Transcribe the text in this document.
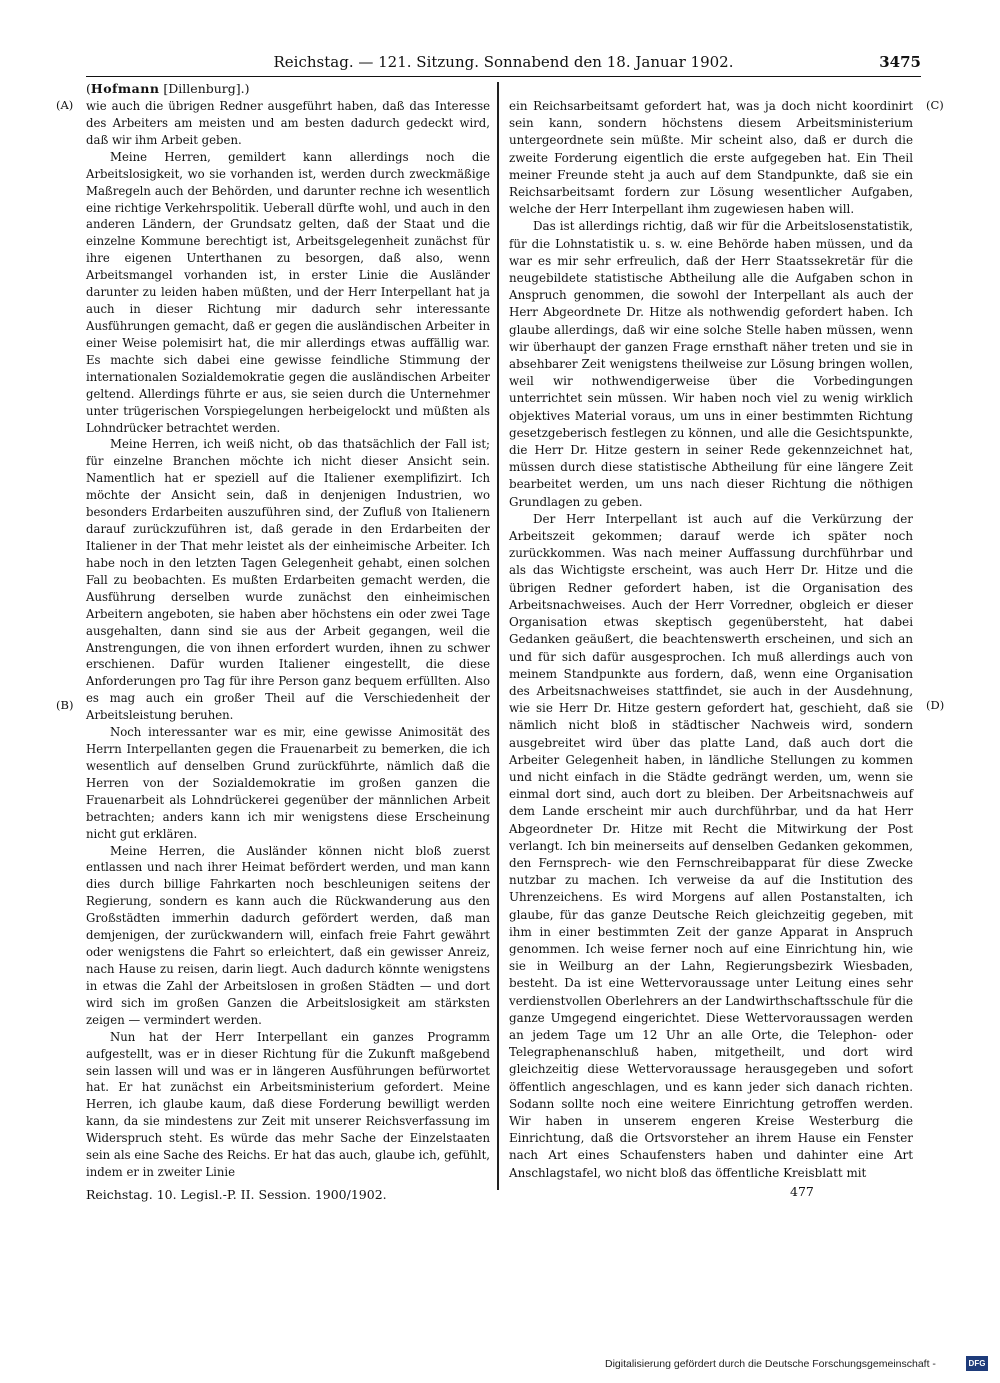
Reichstag. — 121. Sitzung. Sonnabend den 18. Januar 1902.	3475
(Hofmann [Dillenburg].)
(A)
(B)
(C)
(D)

wie auch die übrigen Redner ausgeführt haben, daß das Interesse des Arbeiters am meisten und am besten dadurch gedeckt wird, daß wir ihm Arbeit geben.

Meine Herren, gemildert kann allerdings noch die Arbeitslosigkeit, wo sie vorhanden ist, werden durch zweckmäßige Maßregeln auch der Behörden, und darunter rechne ich wesentlich eine richtige Verkehrspolitik. Ueberall dürfte wohl, und auch in den anderen Ländern, der Grundsatz gelten, daß der Staat und die einzelne Kommune berechtigt ist, Arbeitsgelegenheit zunächst für ihre eigenen Unterthanen zu besorgen, daß also, wenn Arbeitsmangel vorhanden ist, in erster Linie die Ausländer darunter zu leiden haben müßten, und der Herr Interpellant hat ja auch in dieser Richtung mir dadurch sehr interessante Ausführungen gemacht, daß er gegen die ausländischen Arbeiter in einer Weise polemisirt hat, die mir allerdings etwas auffällig war. Es machte sich dabei eine gewisse feindliche Stimmung der internationalen Sozialdemokratie gegen die ausländischen Arbeiter geltend. Allerdings führte er aus, sie seien durch die Unternehmer unter trügerischen Vorspiegelungen herbeigelockt und müßten als Lohndrücker betrachtet werden.

Meine Herren, ich weiß nicht, ob das thatsächlich der Fall ist; für einzelne Branchen möchte ich nicht dieser Ansicht sein. Namentlich hat er speziell auf die Italiener exemplifizirt. Ich möchte der Ansicht sein, daß in denjenigen Industrien, wo besonders Erdarbeiten auszuführen sind, der Zufluß von Italienern darauf zurückzuführen ist, daß gerade in den Erdarbeiten der Italiener in der That mehr leistet als der einheimische Arbeiter. Ich habe noch in den letzten Tagen Gelegenheit gehabt, einen solchen Fall zu beobachten. Es mußten Erdarbeiten gemacht werden, die Ausführung derselben wurde zunächst den einheimischen Arbeitern angeboten, sie haben aber höchstens ein oder zwei Tage ausgehalten, dann sind sie aus der Arbeit gegangen, weil die Anstrengungen, die von ihnen erfordert wurden, ihnen zu schwer erschienen. Dafür wurden Italiener eingestellt, die diese Anforderungen pro Tag für ihre Person ganz bequem erfüllten. Also es mag auch ein großer Theil auf die Verschiedenheit der Arbeitsleistung beruhen.

Noch interessanter war es mir, eine gewisse Animosität des Herrn Interpellanten gegen die Frauenarbeit zu bemerken, die ich wesentlich auf denselben Grund zurückführte, nämlich daß die Herren von der Sozialdemokratie im großen ganzen die Frauenarbeit als Lohndrückerei gegenüber der männlichen Arbeit betrachten; anders kann ich mir wenigstens diese Erscheinung nicht gut erklären.

Meine Herren, die Ausländer können nicht bloß zuerst entlassen und nach ihrer Heimat befördert werden, und man kann dies durch billige Fahrkarten noch beschleunigen seitens der Regierung, sondern es kann auch die Rückwanderung aus den Großstädten immerhin dadurch gefördert werden, daß man demjenigen, der zurückwandern will, einfach freie Fahrt gewährt oder wenigstens die Fahrt so erleichtert, daß ein gewisser Anreiz, nach Hause zu reisen, darin liegt. Auch dadurch könnte wenigstens in etwas die Zahl der Arbeitslosen in großen Städten — und dort wird sich im großen Ganzen die Arbeitslosigkeit am stärksten zeigen — vermindert werden.

Nun hat der Herr Interpellant ein ganzes Programm aufgestellt, was er in dieser Richtung für die Zukunft maßgebend sein lassen will und was er in längeren Ausführungen befürwortet hat. Er hat zunächst ein Arbeitsministerium gefordert. Meine Herren, ich glaube kaum, daß diese Forderung bewilligt werden kann, da sie mindestens zur Zeit mit unserer Reichsverfassung im Widerspruch steht. Es würde das mehr Sache der Einzelstaaten sein als eine Sache des Reichs. Er hat das auch, glaube ich, gefühlt, indem er in zweiter Linie

ein Reichsarbeitsamt gefordert hat, was ja doch nicht koordinirt sein kann, sondern höchstens diesem Arbeitsministerium untergeordnete sein müßte. Mir scheint also, daß er durch die zweite Forderung eigentlich die erste aufgegeben hat. Ein Theil meiner Freunde steht ja auch auf dem Standpunkte, daß sie ein Reichsarbeitsamt fordern zur Lösung wesentlicher Aufgaben, welche der Herr Interpellant ihm zugewiesen haben will.

Das ist allerdings richtig, daß wir für die Arbeitslosenstatistik, für die Lohnstatistik u. s. w. eine Behörde haben müssen, und da war es mir sehr erfreulich, daß der Herr Staatssekretär für die neugebildete statistische Abtheilung alle die Aufgaben schon in Anspruch genommen, die sowohl der Interpellant als auch der Herr Abgeordnete Dr. Hitze als nothwendig gefordert haben. Ich glaube allerdings, daß wir eine solche Stelle haben müssen, wenn wir überhaupt der ganzen Frage ernsthaft näher treten und sie in absehbarer Zeit wenigstens theilweise zur Lösung bringen wollen, weil wir nothwendigerweise über die Vorbedingungen unterrichtet sein müssen. Wir haben noch viel zu wenig wirklich objektives Material voraus, um uns in einer bestimmten Richtung gesetzgeberisch festlegen zu können, und alle die Gesichtspunkte, die Herr Dr. Hitze gestern in seiner Rede gekennzeichnet hat, müssen durch diese statistische Abtheilung für eine längere Zeit bearbeitet werden, um uns nach dieser Richtung die nöthigen Grundlagen zu geben.

Der Herr Interpellant ist auch auf die Verkürzung der Arbeitszeit gekommen; darauf werde ich später noch zurückkommen. Was nach meiner Auffassung durchführbar und als das Wichtigste erscheint, was auch Herr Dr. Hitze und die übrigen Redner gefordert haben, ist die Organisation des Arbeitsnachweises. Auch der Herr Vorredner, obgleich er dieser Organisation etwas skeptisch gegenübersteht, hat dabei Gedanken geäußert, die beachtenswerth erscheinen, und sich an und für sich dafür ausgesprochen. Ich muß allerdings auch von meinem Standpunkte aus fordern, daß, wenn eine Organisation des Arbeitsnachweises stattfindet, sie auch in der Ausdehnung, wie sie Herr Dr. Hitze gestern gefordert hat, geschieht, daß sie nämlich nicht bloß in städtischer Nachweis wird, sondern ausgebreitet wird über das platte Land, daß auch dort die Arbeiter Gelegenheit haben, in ländliche Stellungen zu kommen und nicht einfach in die Städte gedrängt werden, um, wenn sie einmal dort sind, auch dort zu bleiben. Der Arbeitsnachweis auf dem Lande erscheint mir auch durchführbar, und da hat Herr Abgeordneter Dr. Hitze mit Recht die Mitwirkung der Post verlangt. Ich bin meinerseits auf denselben Gedanken gekommen, den Fernsprech- wie den Fernschreibapparat für diese Zwecke nutzbar zu machen. Ich verweise da auf die Institution des Uhrenzeichens. Es wird Morgens auf allen Postanstalten, ich glaube, für das ganze Deutsche Reich gleichzeitig gegeben, mit ihm in einer bestimmten Zeit der ganze Apparat in Anspruch genommen. Ich weise ferner noch auf eine Einrichtung hin, wie sie in Weilburg an der Lahn, Regierungsbezirk Wiesbaden, besteht. Da ist eine Wettervoraussage unter Leitung eines sehr verdienstvollen Oberlehrers an der Landwirthschaftsschule für die ganze Umgegend eingerichtet. Diese Wettervoraussagen werden an jedem Tage um 12 Uhr an alle Orte, die Telephon- oder Telegraphenanschluß haben, mitgetheilt, und dort wird gleichzeitig diese Wettervoraussage herausgegeben und sofort öffentlich angeschlagen, und es kann jeder sich danach richten. Sodann sollte noch eine weitere Einrichtung getroffen werden. Wir haben in unserem engeren Kreise Westerburg die Einrichtung, daß die Ortsvorsteher an ihrem Hause ein Fenster nach Art eines Schaufensters haben und dahinter eine Art Anschlagstafel, wo nicht bloß das öffentliche Kreisblatt mit

Reichstag. 10. Legisl.-P. II. Session. 1900/1902.	477
Digitalisierung gefördert durch die Deutsche Forschungsgemeinschaft -	DFG
